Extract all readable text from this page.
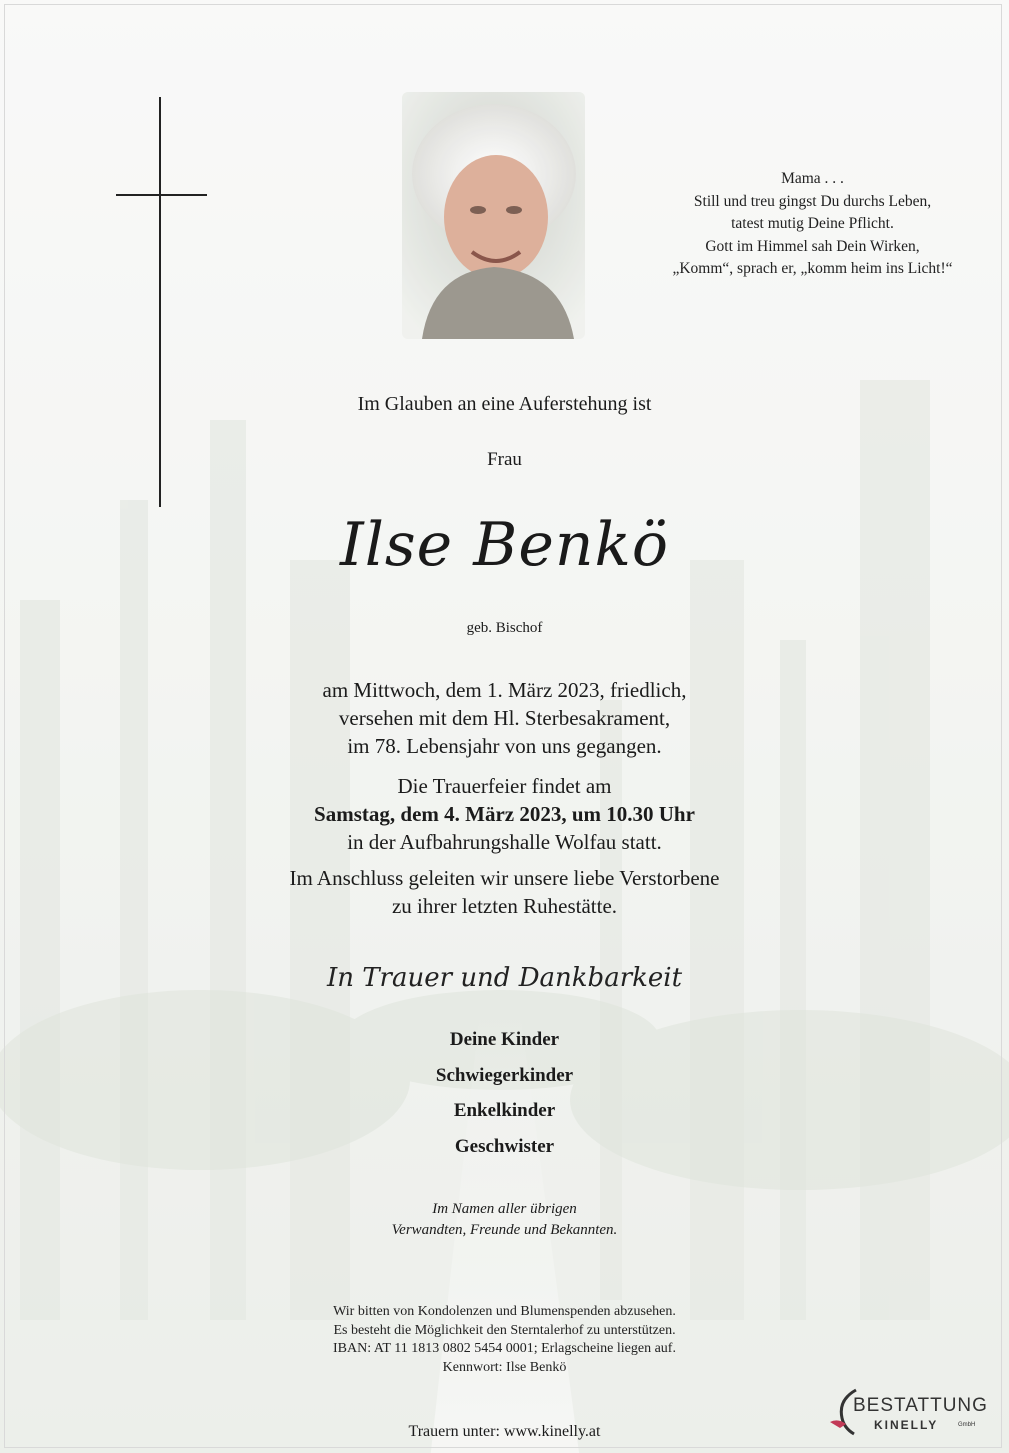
Mama . . .
Still und treu gingst Du durchs Leben,
tatest mutig Deine Pflicht.
Gott im Himmel sah Dein Wirken,
„Komm“, sprach er, „komm heim ins Licht!“
Im Glauben an eine Auferstehung ist
Frau
Ilse Benkö
geb. Bischof
am Mittwoch, dem 1. März 2023, friedlich,
versehen mit dem Hl. Sterbesakrament,
im 78. Lebensjahr von uns gegangen.
Die Trauerfeier findet am
Samstag, dem 4. März 2023, um 10.30 Uhr
in der Aufbahrungshalle Wolfau statt.
Im Anschluss geleiten wir unsere liebe Verstorbene
zu ihrer letzten Ruhestätte.
In Trauer und Dankbarkeit
Deine Kinder
Schwiegerkinder
Enkelkinder
Geschwister
Im Namen aller übrigen
Verwandten, Freunde und Bekannten.
Wir bitten von Kondolenzen und Blumenspenden abzusehen.
Es besteht die Möglichkeit den Sterntalerhof zu unterstützen.
IBAN: AT 11 1813 0802 5454 0001; Erlagscheine liegen auf.
Kennwort: Ilse Benkö
Trauern unter: www.kinelly.at
BESTATTUNG
KINELLY	GmbH
